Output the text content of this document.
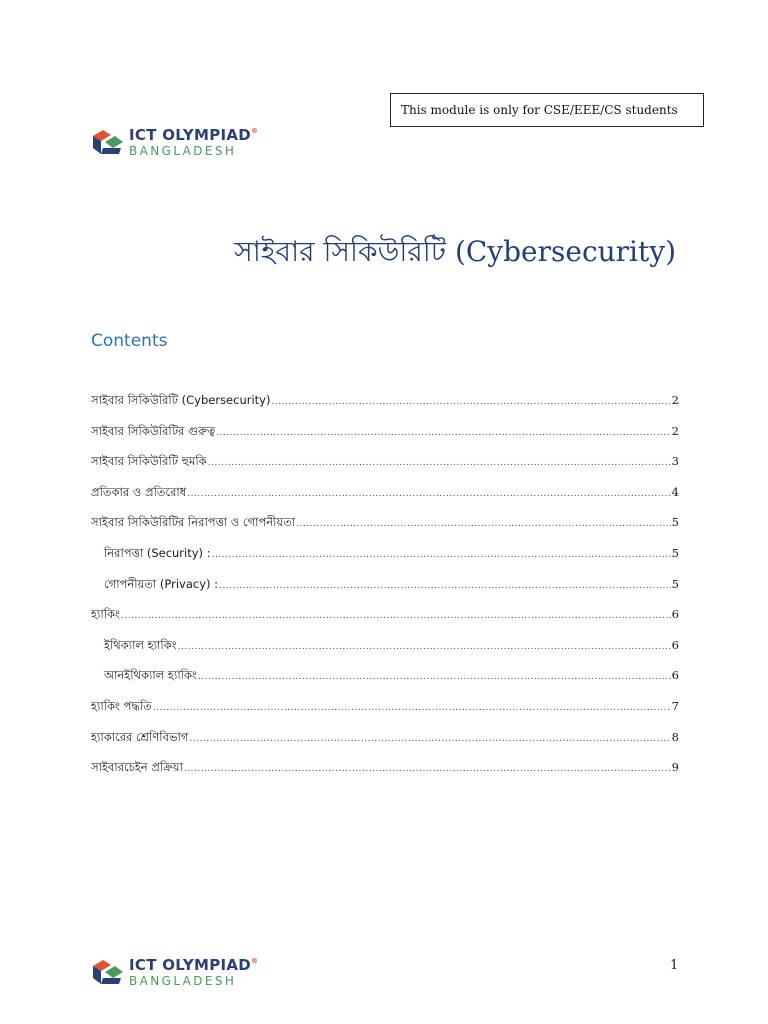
This module is only for CSE/EEE/CS students
ICT OLYMPIAD®
BANGLADESH
সাইবার সিকিউরিটি (Cybersecurity)
Contents
সাইবার সিকিউরিটি (Cybersecurity) .....	2
সাইবার সিকিউরিটির গুরুত্ব .....	2
সাইবার সিকিউরিটি হুমকি .....	3
প্রতিকার ও প্রতিরোধ .....	4
সাইবার সিকিউরিটির নিরাপত্তা ও গোপনীয়তা .....	5
নিরাপত্তা (Security) : .....	5
গোপনীয়তা (Privacy) : .....	5
হ্যাকিং .....	6
ইথিক্যাল হ্যাকিং .....	6
আনইথিক্যাল হ্যাকিং .....	6
হ্যাকিং পদ্ধতি .....	7
হ্যাকারের শ্রেণিবিভাগ .....	8
সাইবারচেইন প্রক্রিয়া .....	9
ICT OLYMPIAD®
BANGLADESH
1
